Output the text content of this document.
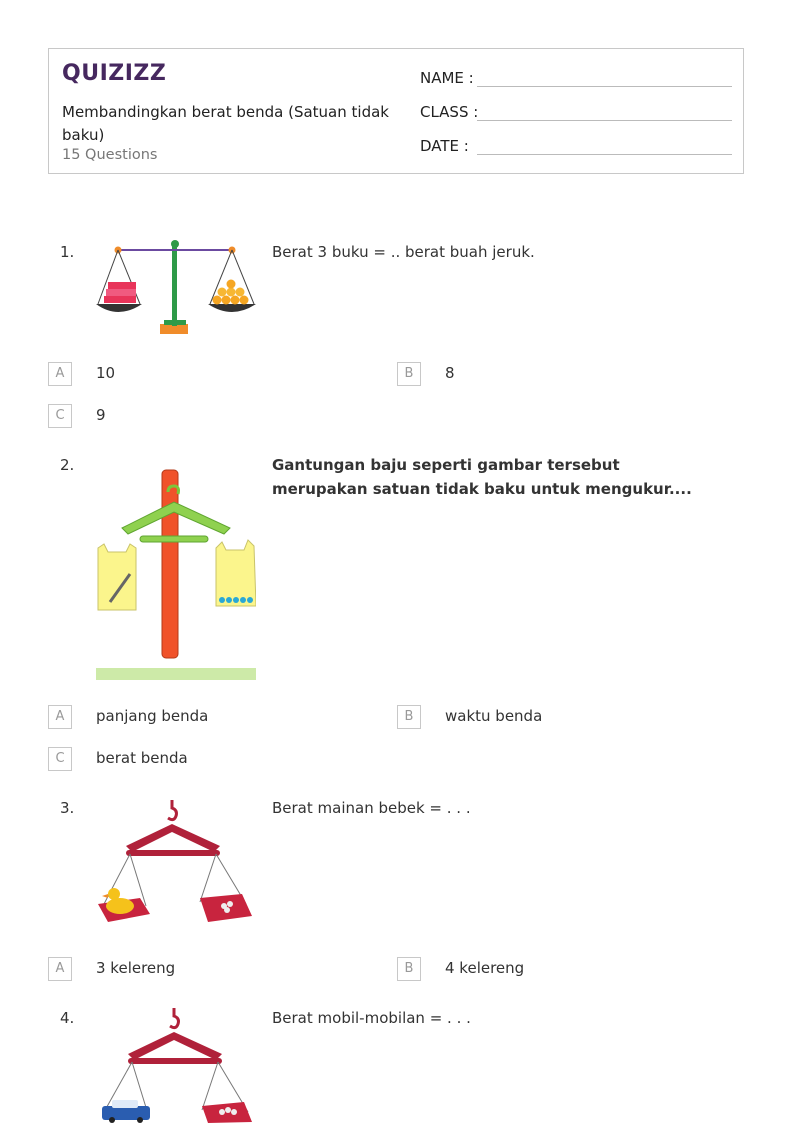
QUIZIZZ
Membandingkan berat benda (Satuan tidak baku)
15 Questions
NAME :
CLASS :
DATE :
1.	Berat 3 buku = .. berat buah jeruk.
A	10	B	8
C	9
2.	Gantungan baju seperti gambar tersebut merupakan satuan tidak baku untuk mengukur....
A	panjang benda	B	waktu benda
C	berat benda
3.	Berat mainan bebek = . . .
A	3 kelereng	B	4 kelereng
4.	Berat mobil-mobilan = . . .
